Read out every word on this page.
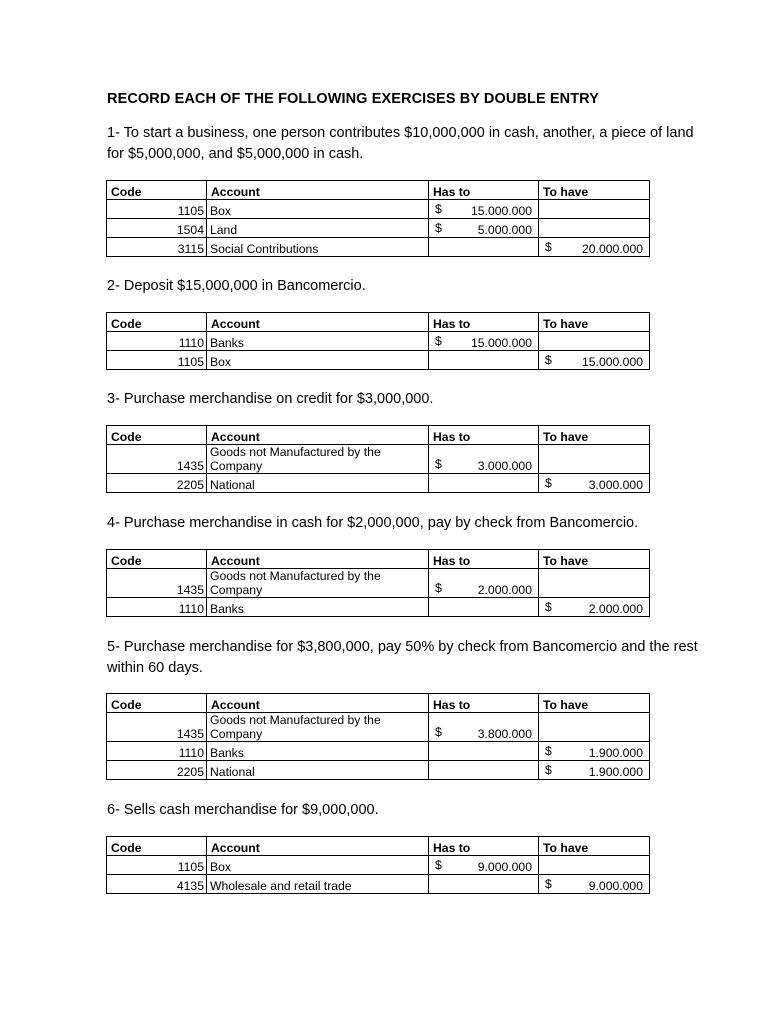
RECORD EACH OF THE FOLLOWING EXERCISES BY DOUBLE ENTRY
1- To start a business, one person contributes $10,000,000 in cash, another, a piece of land for $5,000,000, and $5,000,000 in cash.
Code	Account	Has to	To have
1105	Box	$ 15.000.000	

1504	Land	$ 5.000.000	

3115	Social Contributions		$ 20.000.000
2- Deposit $15,000,000 in Bancomercio.
Code	Account	Has to	To have
1110	Banks	$ 15.000.000	

1105	Box		$ 15.000.000
3- Purchase merchandise on credit for $3,000,000.
Code	Account	Has to	To have
1435	Goods not Manufactured by the Company	$ 3.000.000	

2205	National		$ 3.000.000
4- Purchase merchandise in cash for $2,000,000, pay by check from Bancomercio.
Code	Account	Has to	To have
1435	Goods not Manufactured by the Company	$ 2.000.000	

1110	Banks		$ 2.000.000
5- Purchase merchandise for $3,800,000, pay 50% by check from Bancomercio and the rest within 60 days.
Code	Account	Has to	To have
1435	Goods not Manufactured by the Company	$ 3.800.000	

1110	Banks		$ 1.900.000

2205	National		$ 1.900.000
6- Sells cash merchandise for $9,000,000.
Code	Account	Has to	To have
1105	Box	$ 9.000.000	

4135	Wholesale and retail trade		$ 9.000.000
